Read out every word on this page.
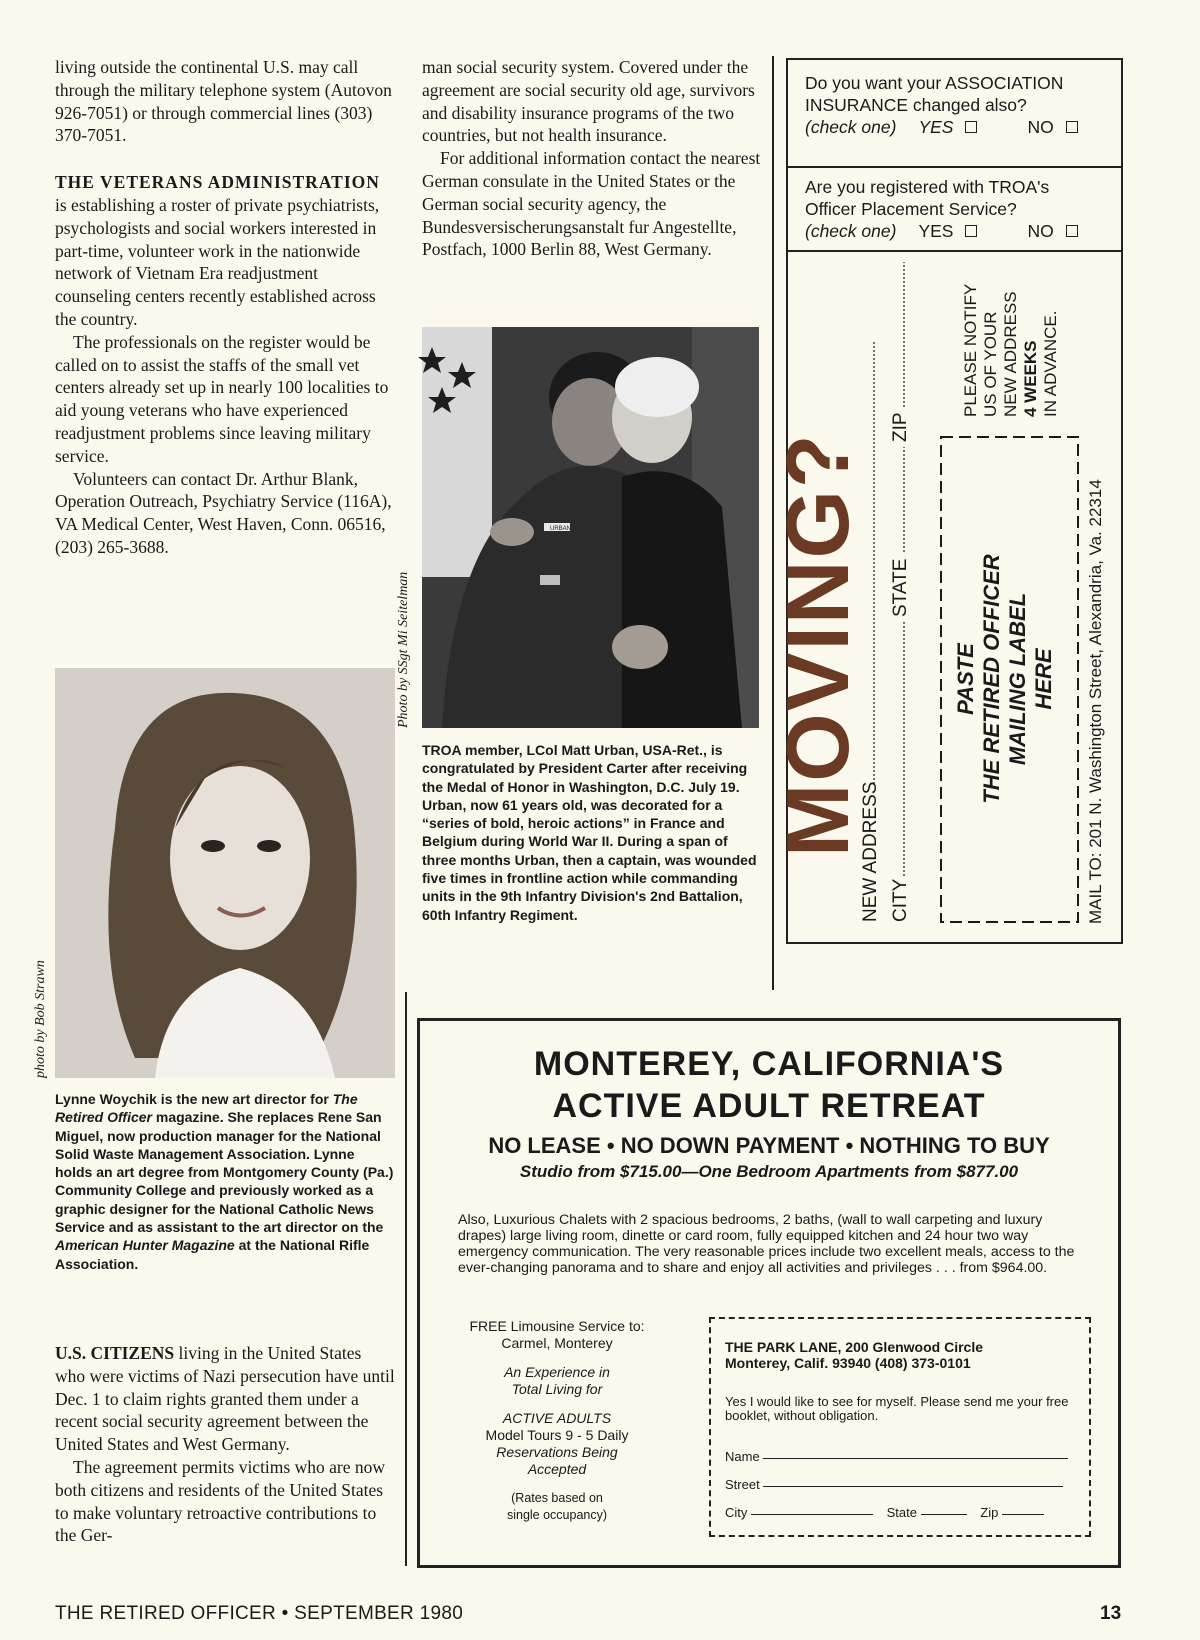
living outside the continental U.S. may call through the military telephone system (Autovon 926-7051) or through commercial lines (303) 370-7051.

THE VETERANS ADMINISTRATION is establishing a roster of private psychiatrists, psychologists and social workers interested in part-time, volunteer work in the nationwide network of Vietnam Era readjustment counseling centers recently established across the country.

The professionals on the register would be called on to assist the staffs of the small vet centers already set up in nearly 100 localities to aid young veterans who have experienced readjustment problems since leaving military service.

Volunteers can contact Dr. Arthur Blank, Operation Outreach, Psychiatry Service (116A), VA Medical Center, West Haven, Conn. 06516, (203) 265-3688.

man social security system. Covered under the agreement are social security old age, survivors and disability insurance programs of the two countries, but not health insurance.

For additional information contact the nearest German consulate in the United States or the German social security agency, the Bundesversischerungsanstalt fur Angestellte, Postfach, 1000 Berlin 88, West Germany.

URBAN
Photo by SSgt Mi Seitelman
TROA member, LCol Matt Urban, USA-Ret., is congratulated by President Carter after receiving the Medal of Honor in Washington, D.C. July 19. Urban, now 61 years old, was decorated for a “series of bold, heroic actions” in France and Belgium during World War II. During a span of three months Urban, then a captain, was wounded five times in frontline action while commanding units in the 9th Infantry Division's 2nd Battalion, 60th Infantry Regiment.
photo by Bob Strawn
Lynne Woychik is the new art director for The Retired Officer magazine. She replaces Rene San Miguel, now production manager for the National Solid Waste Management Association. Lynne holds an art degree from Montgomery County (Pa.) Community College and previously worked as a graphic designer for the National Catholic News Service and as assistant to the art director on the American Hunter Magazine at the National Rifle Association.

U.S. CITIZENS living in the United States who were victims of Nazi persecution have until Dec. 1 to claim rights granted them under a recent social security agreement between the United States and West Germany.

The agreement permits victims who are now both citizens and residents of the United States to make voluntary retroactive contributions to the Ger-

Do you want your ASSOCIATION INSURANCE changed also?
(check one) YES	NO
Are you registered with TROA's Officer Placement Service?
(check one) YES	NO
MOVING?
NEW ADDRESS CITY
STATE
ZIP
PASTE THE RETIRED OFFICER MAILING LABEL HERE
PLEASE NOTIFY US OF YOUR NEW ADDRESS 4 WEEKS IN ADVANCE.
MAIL TO: 201 N. Washington Street, Alexandria, Va. 22314
MONTEREY, CALIFORNIA'S
ACTIVE ADULT RETREAT
NO LEASE • NO DOWN PAYMENT • NOTHING TO BUY
Studio from $715.00—One Bedroom Apartments from $877.00
Also, Luxurious Chalets with 2 spacious bedrooms, 2 baths, (wall to wall carpeting and luxury drapes) large living room, dinette or card room, fully equipped kitchen and 24 hour two way emergency communication. The very reasonable prices include two excellent meals, access to the ever-changing panorama and to share and enjoy all activities and privileges . . . from $964.00.
FREE Limousine Service to:
Carmel, Monterey
An Experience in
Total Living for
ACTIVE ADULTS
Model Tours 9 - 5 Daily
Reservations Being
Accepted
(Rates based on
single occupancy)
THE PARK LANE, 200 Glenwood Circle
Monterey, Calif. 93940 (408) 373-0101
Yes I would like to see for myself. Please send me your free booklet, without obligation.
Name
Street
City	State	Zip
THE RETIRED OFFICER • SEPTEMBER 1980	13
